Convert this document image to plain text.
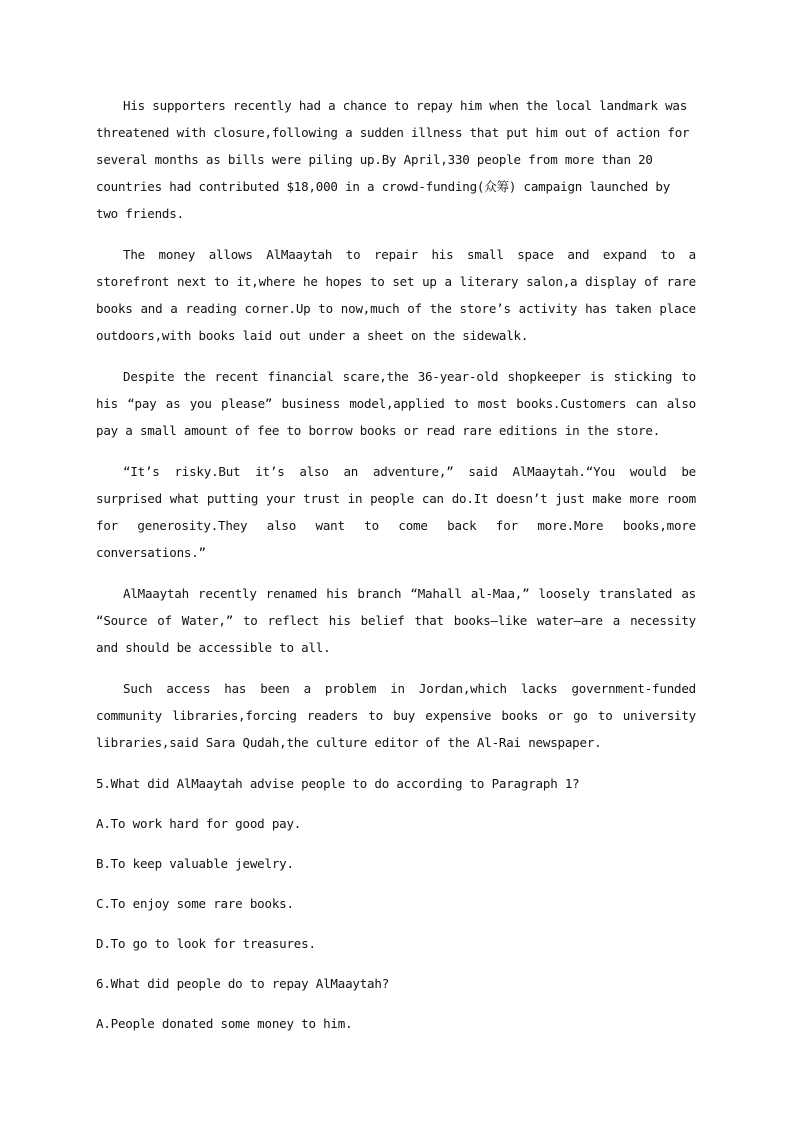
His supporters recently had a chance to repay him when the local landmark was threatened with closure,following a sudden illness that put him out of action for several months as bills were piling up.By April,330 people from more than 20 countries had contributed $18,000 in a crowd-funding(众筹) campaign launched by two friends.

The money allows AlMaaytah to repair his small space and expand to a storefront next to it,where he hopes to set up a literary salon,a display of rare books and a reading corner.Up to now,much of the store’s activity has taken place outdoors,with books laid out under a sheet on the sidewalk.

Despite the recent financial scare,the 36-year-old shopkeeper is sticking to his “pay as you please” business model,applied to most books.Customers can also pay a small amount of fee to borrow books or read rare editions in the store.

“It’s risky.But it’s also an adventure,” said AlMaaytah.“You would be surprised what putting your trust in people can do.It doesn’t just make more room for generosity.They also want to come back for more.More books,more conversations.”

AlMaaytah recently renamed his branch “Mahall al-Maa,” loosely translated as “Source of Water,” to reflect his belief that books—like water—are a necessity and should be accessible to all.

Such access has been a problem in Jordan,which lacks government-funded community libraries,forcing readers to buy expensive books or go to university libraries,said Sara Qudah,the culture editor of the Al-Rai newspaper.

5.What did AlMaaytah advise people to do according to Paragraph 1?

A.To work hard for good pay.

B.To keep valuable jewelry.

C.To enjoy some rare books.

D.To go to look for treasures.

6.What did people do to repay AlMaaytah?

A.People donated some money to him.
